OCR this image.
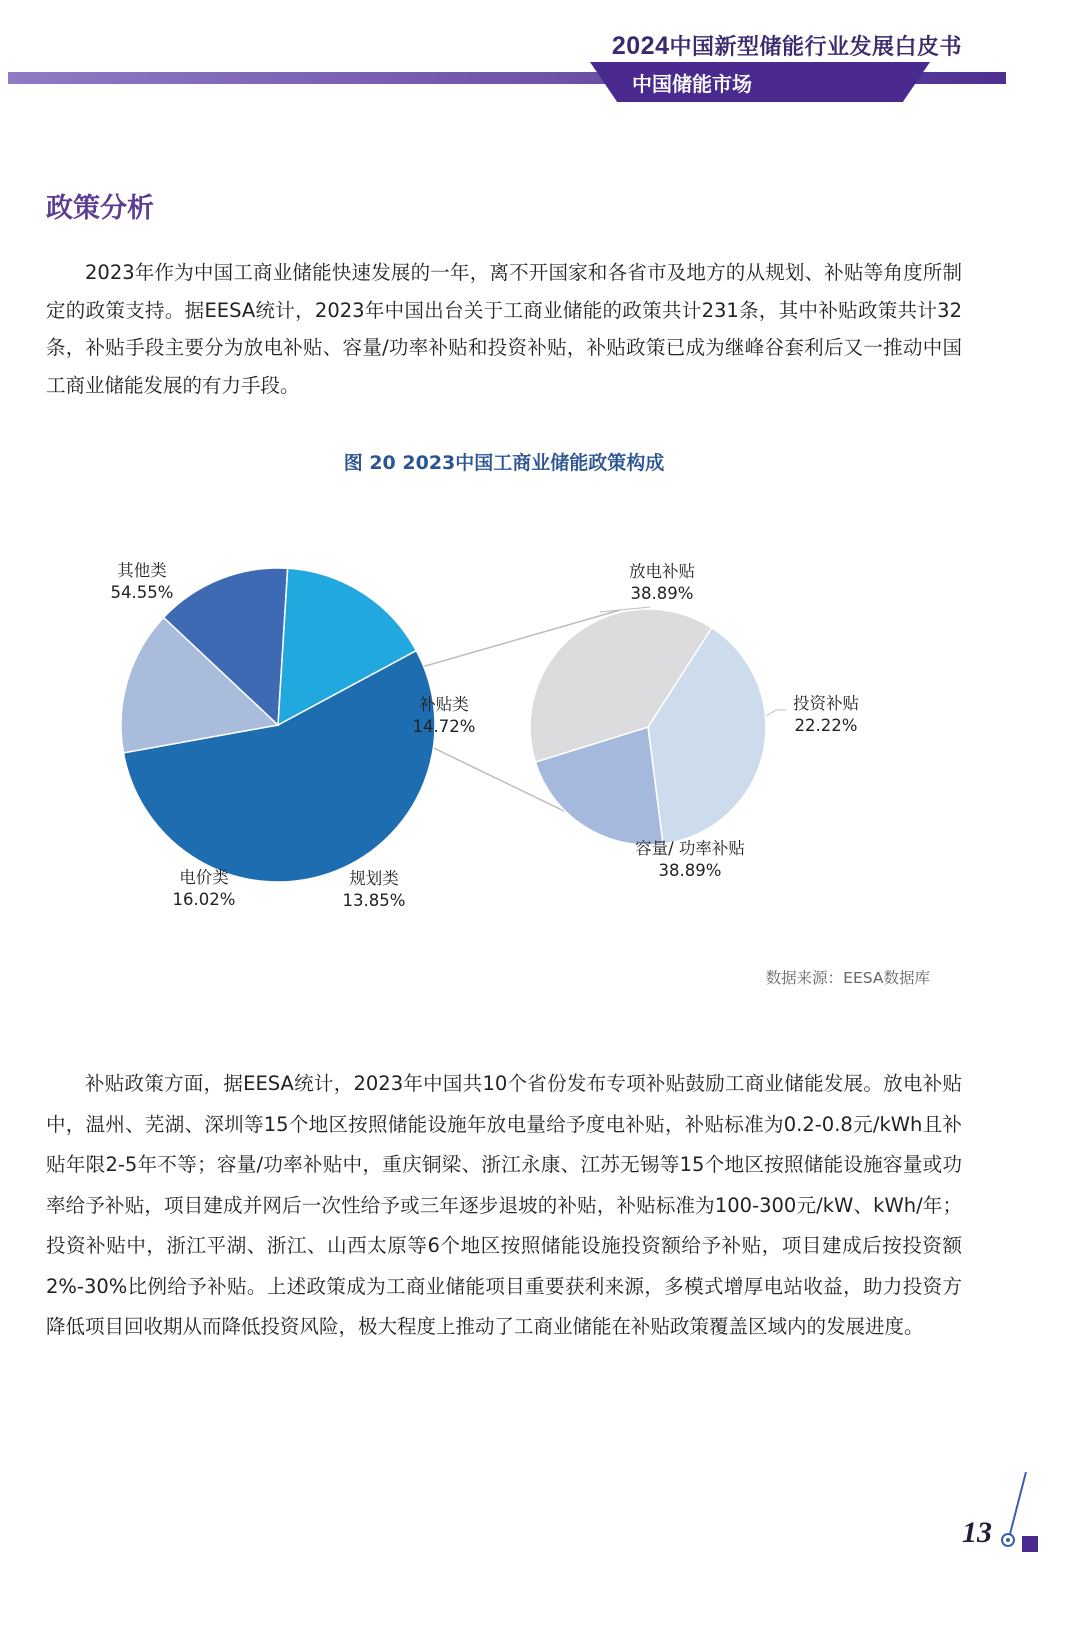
2024中国新型储能行业发展白皮书
中国储能市场
政策分析

2023年作为中国工商业储能快速发展的一年，离不开国家和各省市及地方的从规划、补贴等角度所制定的政策支持。据EESA统计，2023年中国出台关于工商业储能的政策共计231条，其中补贴政策共计32条，补贴手段主要分为放电补贴、容量/功率补贴和投资补贴，补贴政策已成为继峰谷套利后又一推动中国工商业储能发展的有力手段。

图 20 2023中国工商业储能政策构成
其他类
54.55%
补贴类
14.72%
规划类
13.85%
电价类
16.02%
放电补贴
38.89%
投资补贴
22.22%
容量/ 功率补贴
38.89%
数据来源：EESA数据库

补贴政策方面，据EESA统计，2023年中国共10个省份发布专项补贴鼓励工商业储能发展。放电补贴中，温州、芜湖、深圳等15个地区按照储能设施年放电量给予度电补贴，补贴标准为0.2-0.8元/kWh且补贴年限2-5年不等；容量/功率补贴中，重庆铜梁、浙江永康、江苏无锡等15个地区按照储能设施容量或功率给予补贴，项目建成并网后一次性给予或三年逐步退坡的补贴，补贴标准为100-300元/kW、kWh/年；投资补贴中，浙江平湖、浙江、山西太原等6个地区按照储能设施投资额给予补贴，项目建成后按投资额2%-30%比例给予补贴。上述政策成为工商业储能项目重要获利来源，多模式增厚电站收益，助力投资方降低项目回收期从而降低投资风险，极大程度上推动了工商业储能在补贴政策覆盖区域内的发展进度。

13
